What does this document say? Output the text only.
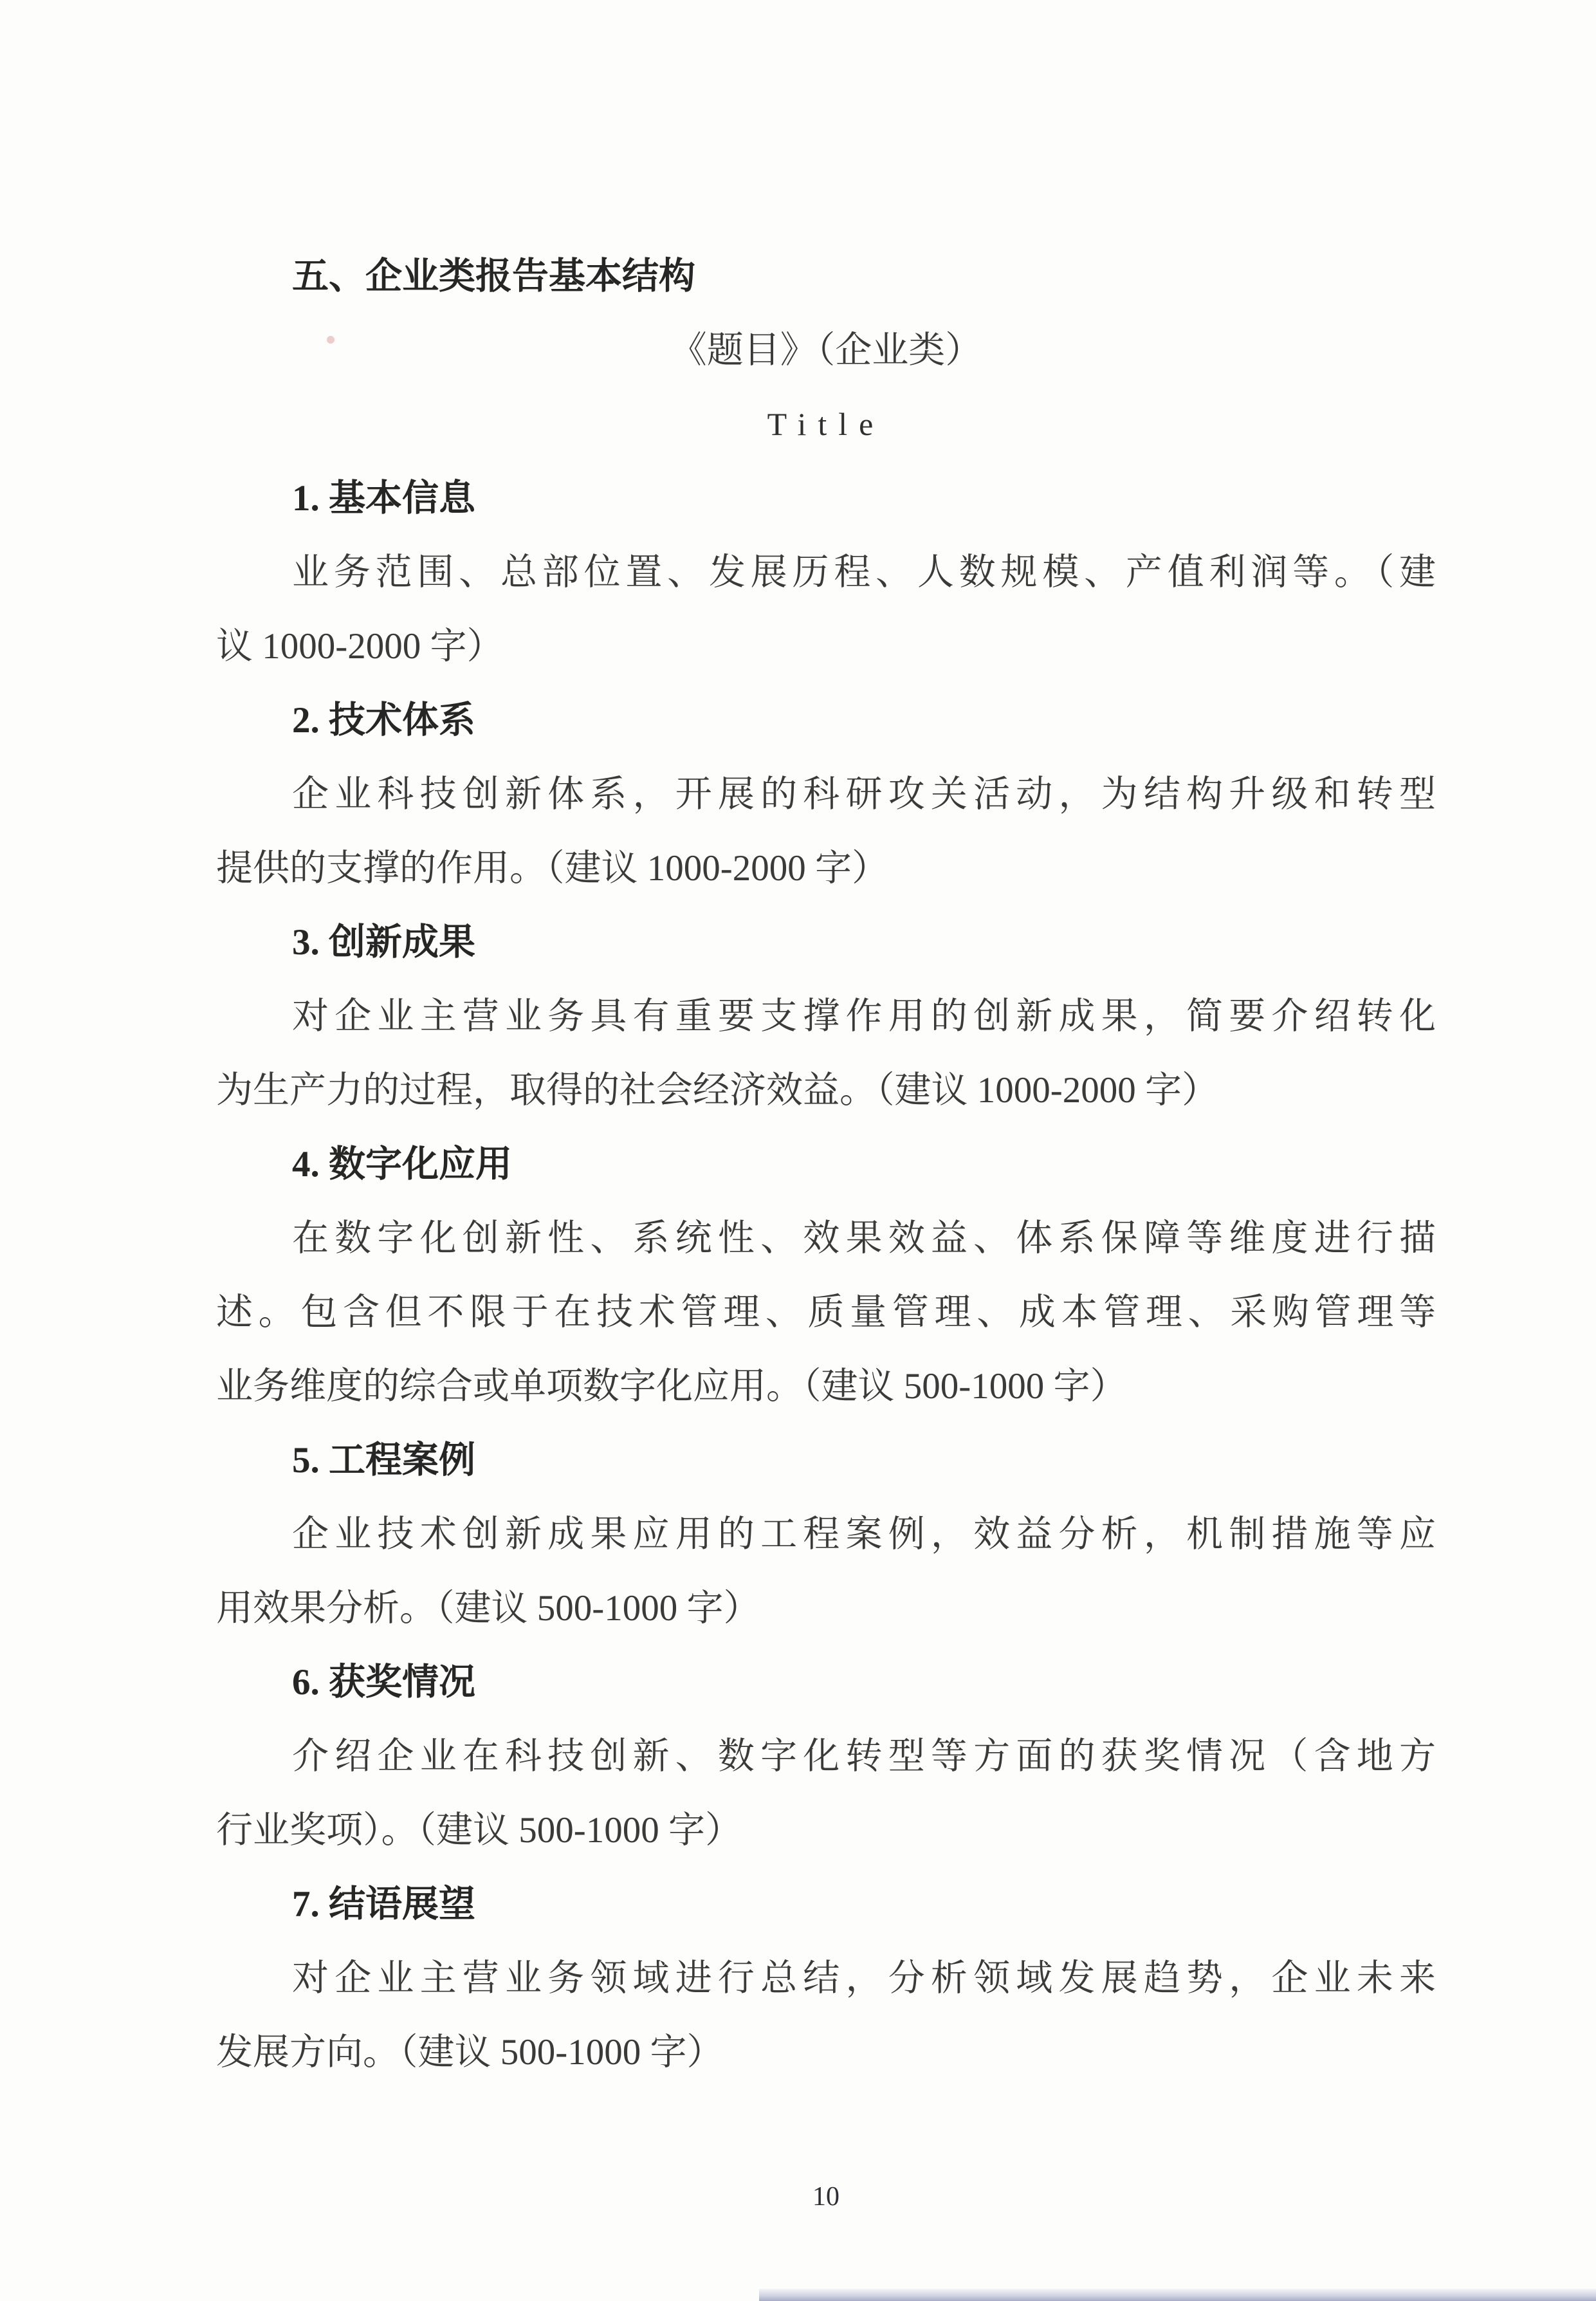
五、企业类报告基本结构
《题目》（企业类）
Title
1. 基本信息
业务范围、总部位置、发展历程、人数规模、产值利润等。（建
议 1000-2000 字）
2. 技术体系
企业科技创新体系，开展的科研攻关活动，为结构升级和转型
提供的支撑的作用。（建议 1000-2000 字）
3. 创新成果
对企业主营业务具有重要支撑作用的创新成果，简要介绍转化
为生产力的过程，取得的社会经济效益。（建议 1000-2000 字）
4. 数字化应用
在数字化创新性、系统性、效果效益、体系保障等维度进行描
述。包含但不限于在技术管理、质量管理、成本管理、采购管理等
业务维度的综合或单项数字化应用。（建议 500-1000 字）
5. 工程案例
企业技术创新成果应用的工程案例，效益分析，机制措施等应
用效果分析。（建议 500-1000 字）
6. 获奖情况
介绍企业在科技创新、数字化转型等方面的获奖情况（含地方
行业奖项）。（建议 500-1000 字）
7. 结语展望
对企业主营业务领域进行总结，分析领域发展趋势，企业未来
发展方向。（建议 500-1000 字）
10
